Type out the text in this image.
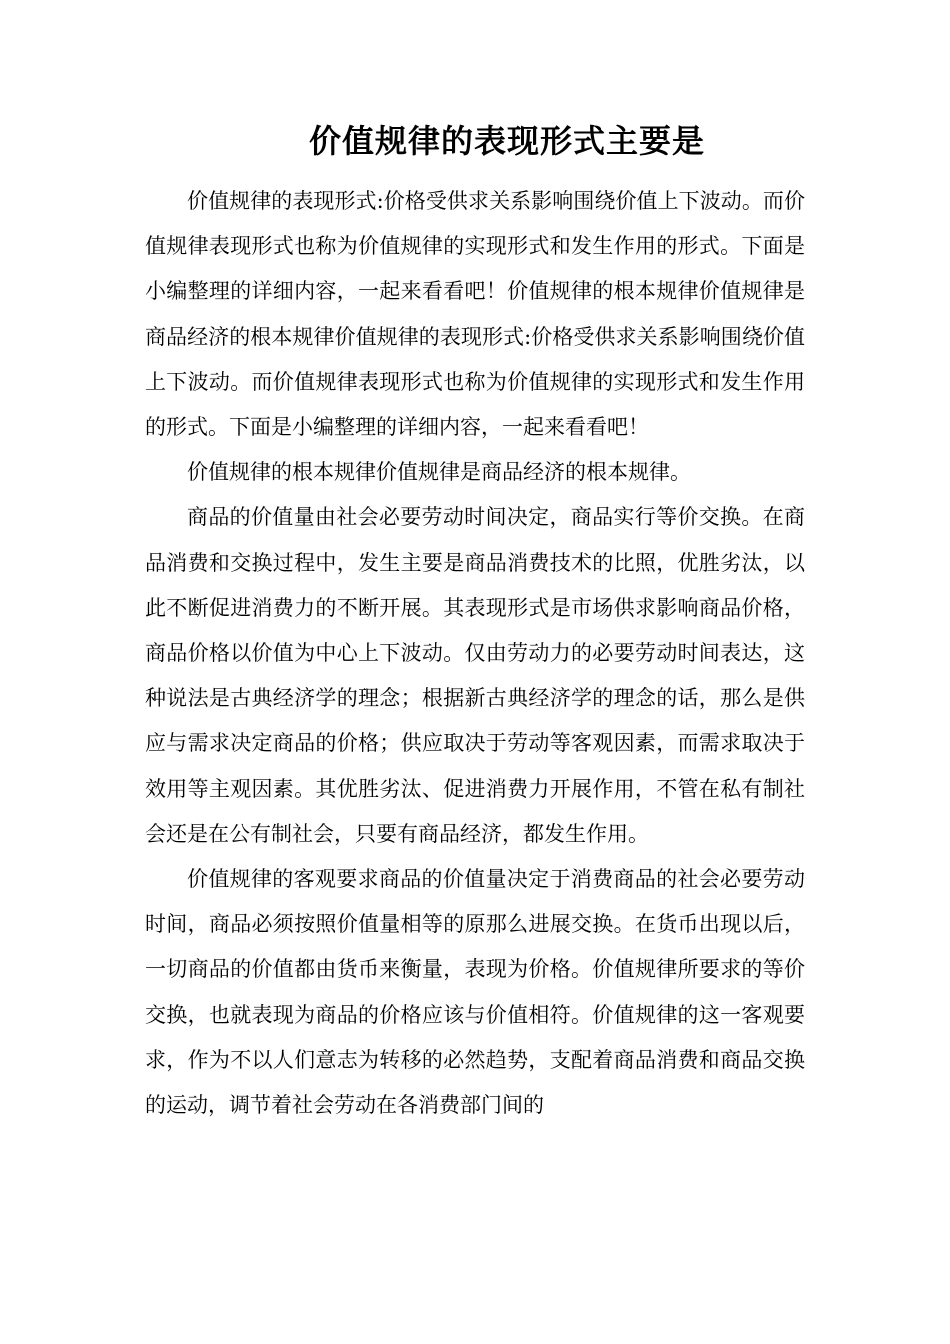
价值规律的表现形式主要是

价值规律的表现形式:价格受供求关系影响围绕价值上下波动。而价值规律表现形式也称为价值规律的实现形式和发生作用的形式。下面是小编整理的详细内容，一起来看看吧！价值规律的根本规律价值规律是商品经济的根本规律价值规律的表现形式:价格受供求关系影响围绕价值上下波动。而价值规律表现形式也称为价值规律的实现形式和发生作用的形式。下面是小编整理的详细内容，一起来看看吧！

价值规律的根本规律价值规律是商品经济的根本规律。

商品的价值量由社会必要劳动时间决定，商品实行等价交换。在商品消费和交换过程中，发生主要是商品消费技术的比照，优胜劣汰，以此不断促进消费力的不断开展。其表现形式是市场供求影响商品价格，商品价格以价值为中心上下波动。仅由劳动力的必要劳动时间表达，这种说法是古典经济学的理念；根据新古典经济学的理念的话，那么是供应与需求决定商品的价格；供应取决于劳动等客观因素，而需求取决于效用等主观因素。其优胜劣汰、促进消费力开展作用，不管在私有制社会还是在公有制社会，只要有商品经济，都发生作用。

价值规律的客观要求商品的价值量决定于消费商品的社会必要劳动时间，商品必须按照价值量相等的原那么进展交换。在货币出现以后，一切商品的价值都由货币来衡量，表现为价格。价值规律所要求的等价交换，也就表现为商品的价格应该与价值相符。价值规律的这一客观要求，作为不以人们意志为转移的必然趋势，支配着商品消费和商品交换的运动，调节着社会劳动在各消费部门间的
